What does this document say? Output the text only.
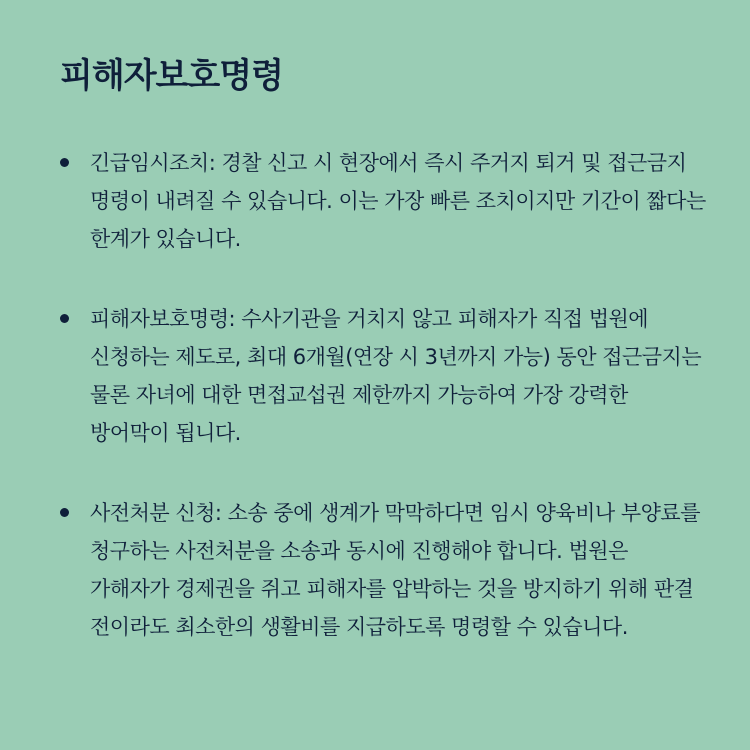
피해자보호명령
긴급임시조치: 경찰 신고 시 현장에서 즉시 주거지 퇴거 및 접근금지 명령이 내려질 수 있습니다. 이는 가장 빠른 조치이지만 기간이 짧다는 한계가 있습니다.
피해자보호명령: 수사기관을 거치지 않고 피해자가 직접 법원에 신청하는 제도로, 최대 6개월(연장 시 3년까지 가능) 동안 접근금지는 물론 자녀에 대한 면접교섭권 제한까지 가능하여 가장 강력한 방어막이 됩니다.
사전처분 신청: 소송 중에 생계가 막막하다면 임시 양육비나 부양료를 청구하는 사전처분을 소송과 동시에 진행해야 합니다. 법원은 가해자가 경제권을 쥐고 피해자를 압박하는 것을 방지하기 위해 판결 전이라도 최소한의 생활비를 지급하도록 명령할 수 있습니다.
